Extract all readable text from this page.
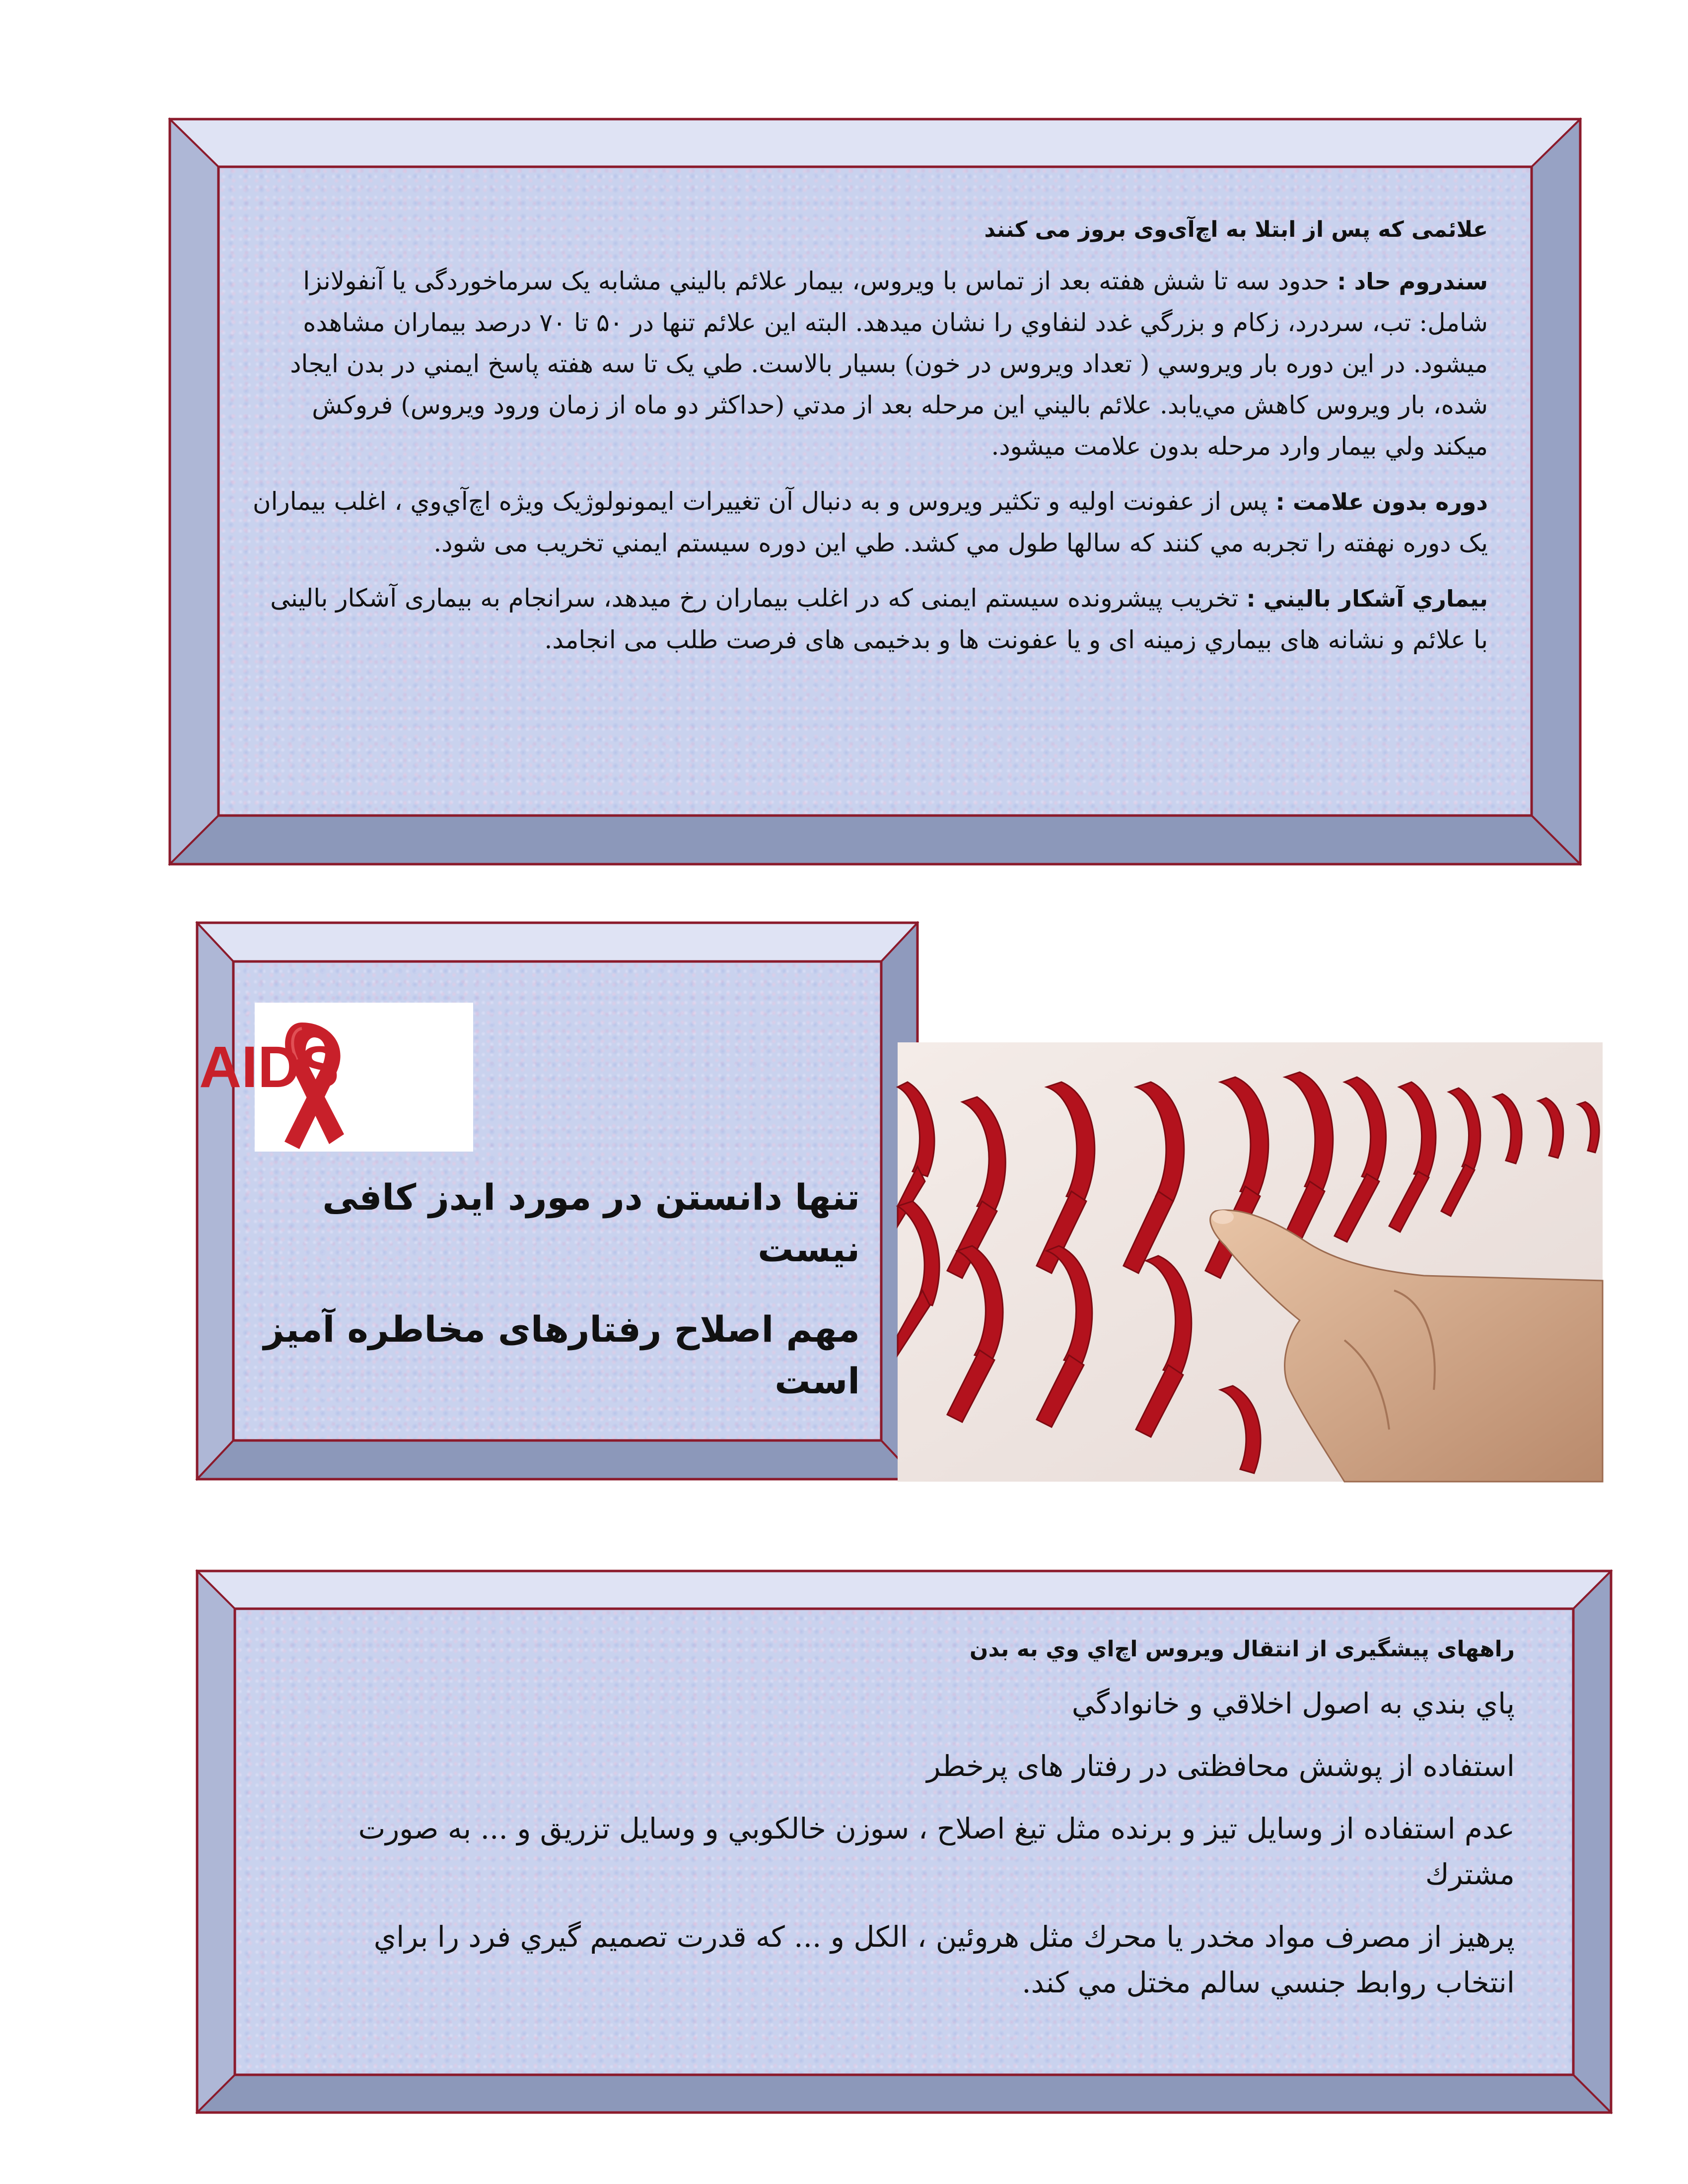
علائمی که پس از ابتلا به اچ‌آی‌وی بروز می کنند

سندروم حاد : حدود سه تا شش هفته بعد از تماس با ویروس، بيمار علائم باليني مشابه یک سرماخوردگی يا آنفولانزا شامل: تب، سردرد، زکام و بزرگي غدد لنفاوي را نشان ميدهد. البته اين علائم تنها در ۵۰ تا ۷۰ درصد بیماران مشاهده میشود. در اين دوره بار ويروسي ( تعداد ويروس در خون) بسيار بالاست. طي يک تا سه هفته پاسخ ايمني در بدن ايجاد شده، بار ويروس کاهش مي‌يابد. علائم باليني اين مرحله بعد از مدتي (حداکثر دو ماه از زمان ورود ويروس) فروکش ميکند ولي بيمار وارد مرحله بدون علامت ميشود.

دوره بدون علامت : پس از عفونت اوليه و تکثير ويروس و به دنبال آن تغييرات ايمونولوژيک ويژه اچ‌آي‌وي ، اغلب بيماران يک دوره نهفته را تجربه مي کنند که سالها طول مي کشد. طي اين دوره سيستم ايمني تخريب می شود.

بيماري آشکار باليني : تخریب پيشرونده سیستم ایمنی که در اغلب بیماران رخ میدهد، سرانجام به بیماری آشکار بالینی با علائم و نشانه های بيماري زمينه ای و يا عفونت ها و بدخیمی های فرصت طلب می انجامد.

AIDS

تنها دانستن در مورد ايدز کافی نيست

مهم اصلاح رفتارهای مخاطره آميز است

راههای پیشگیری از انتقال ویروس اچ‌اي وي به بدن

پاي بندي به اصول اخلاقي و خانوادگي

استفاده از پوشش محافظتی در رفتار های پرخطر

عدم استفاده از وسایل تیز و برنده مثل تيغ اصلاح ، سوزن خالكوبي و وسايل تزريق و ... به صورت مشترك

پرهيز از مصرف مواد مخدر يا محرك مثل هروئين ، الكل و ... كه قدرت تصميم گيري فرد را براي انتخاب روابط جنسي سالم مختل مي كند.
